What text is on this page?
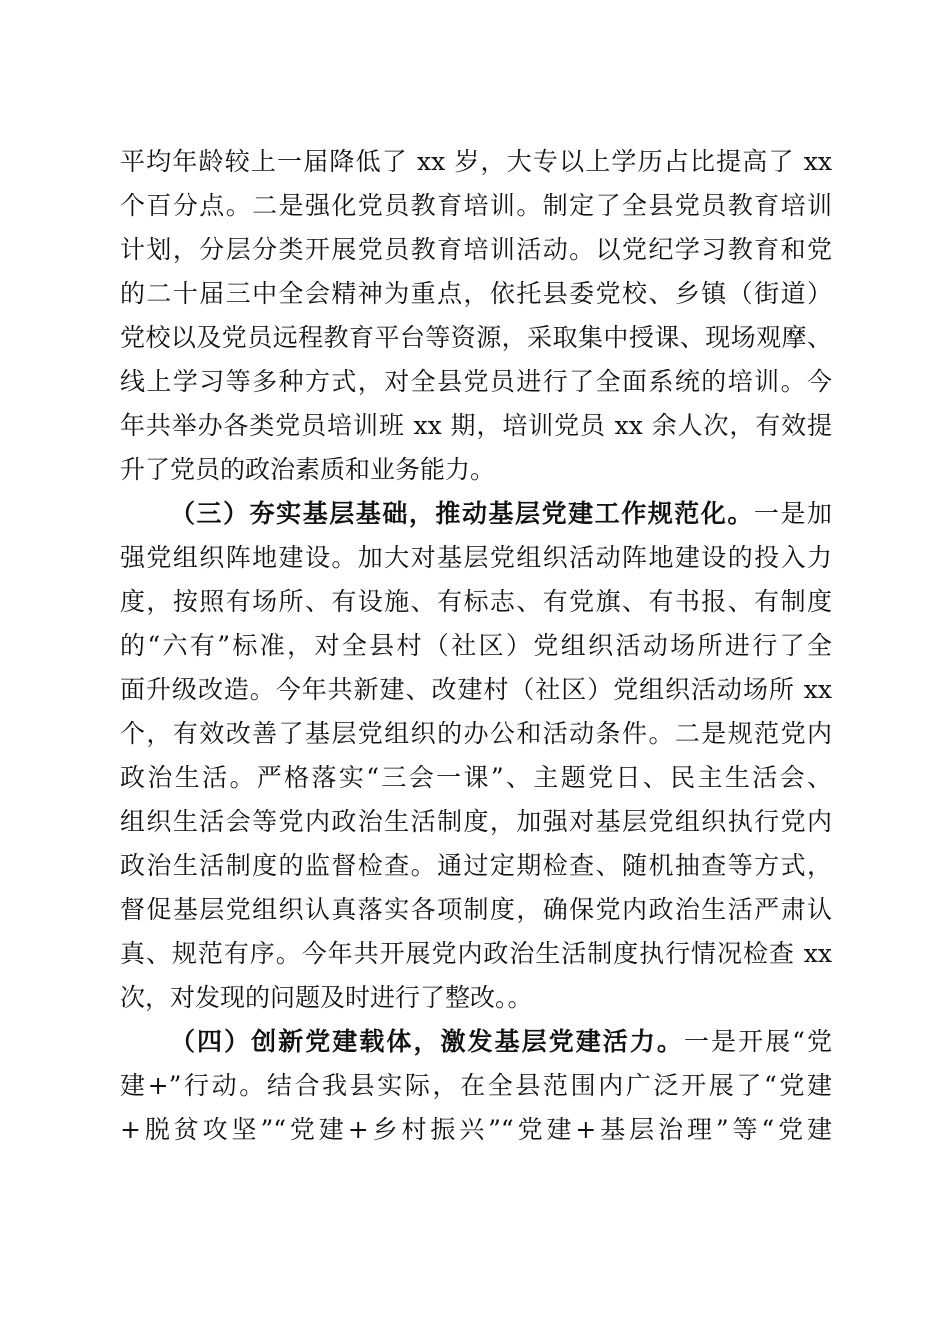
平均年龄较上一届降低了 xx 岁，大专以上学历占比提高了 xx
个百分点。二是强化党员教育培训。制定了全县党员教育培训
计划，分层分类开展党员教育培训活动。以党纪学习教育和党
的二十届三中全会精神为重点，依托县委党校、乡镇（街道）
党校以及党员远程教育平台等资源，采取集中授课、现场观摩、
线上学习等多种方式，对全县党员进行了全面系统的培训。今
年共举办各类党员培训班 xx 期，培训党员 xx 余人次，有效提
升了党员的政治素质和业务能力。
（三）夯实基层基础，推动基层党建工作规范化。一是加
强党组织阵地建设。加大对基层党组织活动阵地建设的投入力
度，按照有场所、有设施、有标志、有党旗、有书报、有制度
的“六有”标准，对全县村（社区）党组织活动场所进行了全
面升级改造。今年共新建、改建村（社区）党组织活动场所 xx
个，有效改善了基层党组织的办公和活动条件。二是规范党内
政治生活。严格落实“三会一课”、主题党日、民主生活会、
组织生活会等党内政治生活制度，加强对基层党组织执行党内
政治生活制度的监督检查。通过定期检查、随机抽查等方式，
督促基层党组织认真落实各项制度，确保党内政治生活严肃认
真、规范有序。今年共开展党内政治生活制度执行情况检查 xx
次，对发现的问题及时进行了整改。。
（四）创新党建载体，激发基层党建活力。一是开展“党
建+”行动。结合我县实际，在全县范围内广泛开展了“党建
+脱贫攻坚”“党建+乡村振兴”“党建+基层治理”等“党建
